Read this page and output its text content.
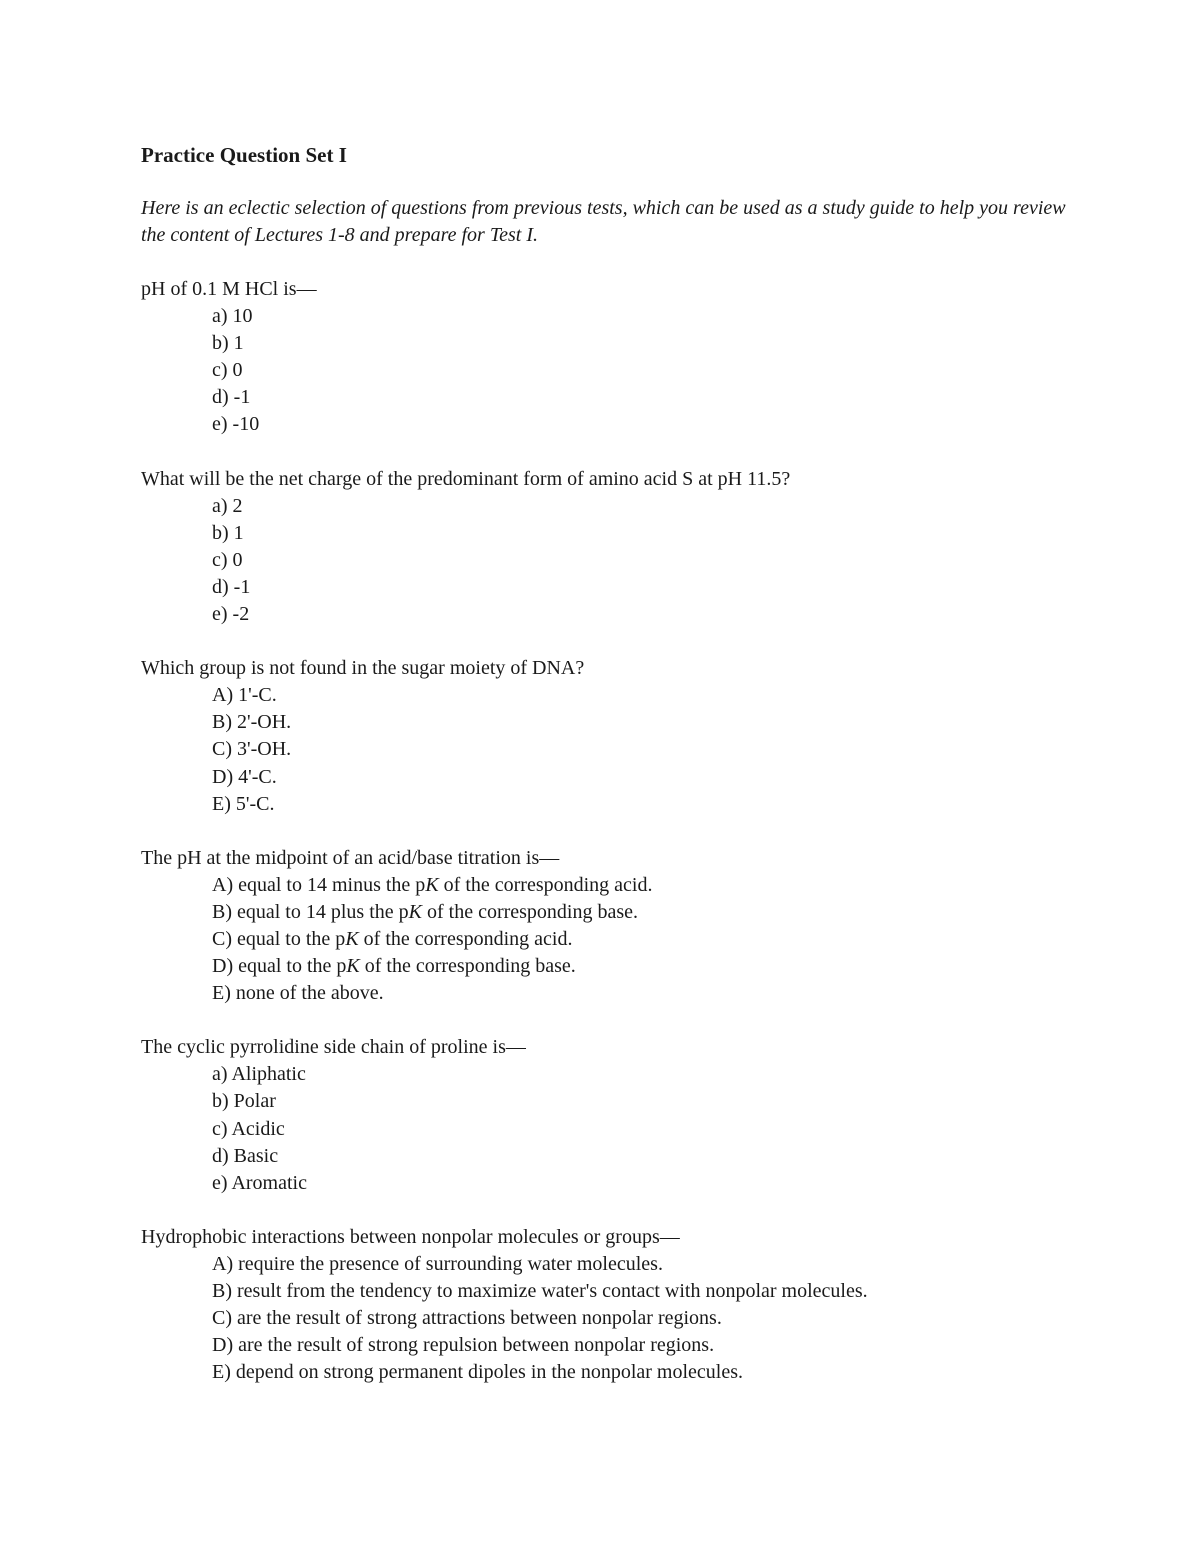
Practice Question Set I

Here is an eclectic selection of questions from previous tests, which can be used as a study guide to help you review the content of Lectures 1-8 and prepare for Test I.

pH of 0.1 M HCl is—

a) 10
b) 1
c) 0
d) -1
e) -10

What will be the net charge of the predominant form of amino acid S at pH 11.5?

a) 2
b) 1
c) 0
d) -1
e) -2

Which group is not found in the sugar moiety of DNA?

A) 1'-C.
B) 2'-OH.
C) 3'-OH.
D) 4'-C.
E) 5'-C.

The pH at the midpoint of an acid/base titration is—

A) equal to 14 minus the pK of the corresponding acid.
B) equal to 14 plus the pK of the corresponding base.
C) equal to the pK of the corresponding acid.
D) equal to the pK of the corresponding base.
E) none of the above.

The cyclic pyrrolidine side chain of proline is—

a) Aliphatic
b) Polar
c) Acidic
d) Basic
e) Aromatic

Hydrophobic interactions between nonpolar molecules or groups—

A) require the presence of surrounding water molecules.
B) result from the tendency to maximize water's contact with nonpolar molecules.
C) are the result of strong attractions between nonpolar regions.
D) are the result of strong repulsion between nonpolar regions.
E) depend on strong permanent dipoles in the nonpolar molecules.
